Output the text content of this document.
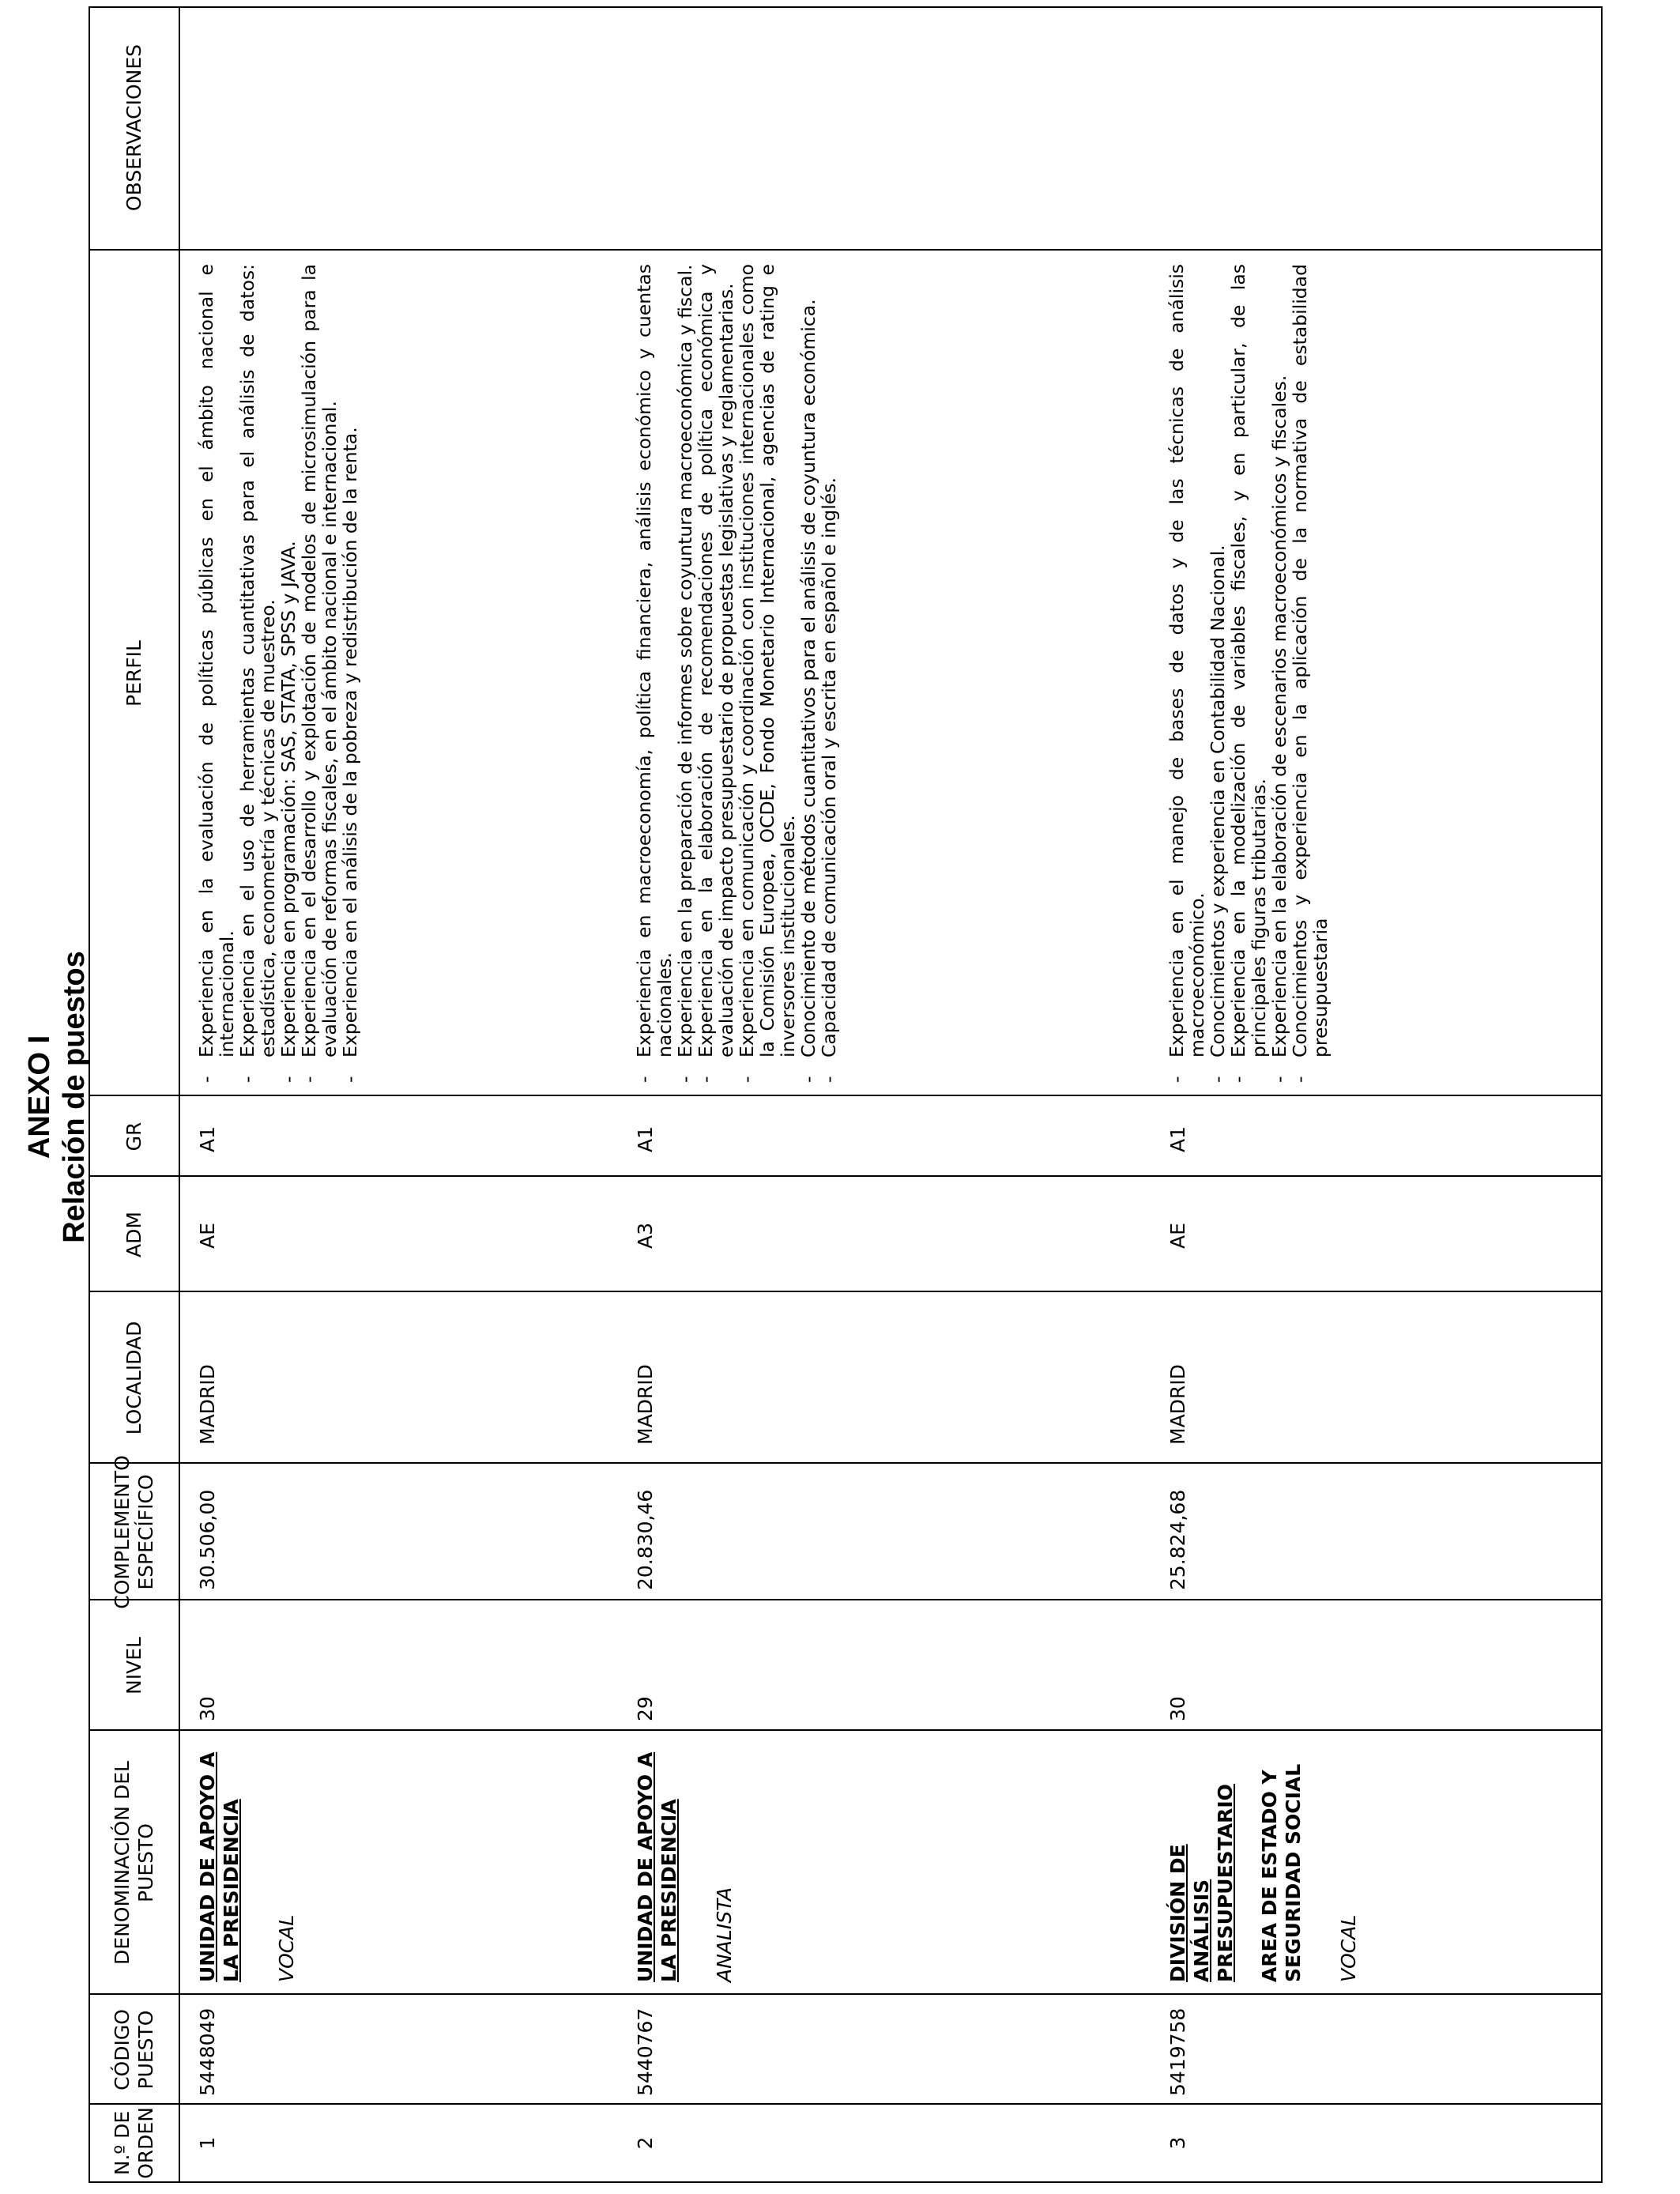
ANEXO I Relación de puestos
N.º DE
ORDEN
CÓDIGO
PUESTO
DENOMINACIÓN DEL
PUESTO
NIVEL
COMPLEMENTO
ESPECÍFICO
LOCALIDAD
ADM
GR
PERFIL
OBSERVACIONES
1
5448049
UNIDAD DE APOYO A LA PRESIDENCIA VOCAL
30
30.506,00
MADRID
AE
A1
- Experiencia en la evaluación de políticas públicas en el ámbito nacional e internacional.
- Experiencia en el uso de herramientas cuantitativas para el análisis de datos: estadística, econometría y técnicas de muestreo.
- Experiencia en programación: SAS, STATA, SPSS y JAVA.
- Experiencia en el desarrollo y explotación de modelos de microsimulación para la evaluación de reformas fiscales, en el ámbito nacional e internacional.
- Experiencia en el análisis de la pobreza y redistribución de la renta.
2
5440767
UNIDAD DE APOYO A LA PRESIDENCIA ANALISTA
29
20.830,46
MADRID
A3
A1
- Experiencia en macroeconomía, política financiera, análisis económico y cuentas nacionales.
- Experiencia en la preparación de informes sobre coyuntura macroeconómica y fiscal.
- Experiencia en la elaboración de recomendaciones de política económica y evaluación de impacto presupuestario de propuestas legislativas y reglamentarias.
- Experiencia en comunicación y coordinación con instituciones internacionales como la Comisión Europea, OCDE, Fondo Monetario Internacional, agencias de rating e inversores institucionales.
- Conocimiento de métodos cuantitativos para el análisis de coyuntura económica.
- Capacidad de comunicación oral y escrita en español e inglés.
3
5419758
DIVISIÓN DE ANÁLISIS PRESUPUESTARIO AREA DE ESTADO Y SEGURIDAD SOCIAL VOCAL
30
25.824,68
MADRID
AE
A1
- Experiencia en el manejo de bases de datos y de las técnicas de análisis macroeconómico.
- Conocimientos y experiencia en Contabilidad Nacional.
- Experiencia en la modelización de variables fiscales, y en particular, de las principales figuras tributarias.
- Experiencia en la elaboración de escenarios macroeconómicos y fiscales.
- Conocimientos y experiencia en la aplicación de la normativa de estabilidad presupuestaria
